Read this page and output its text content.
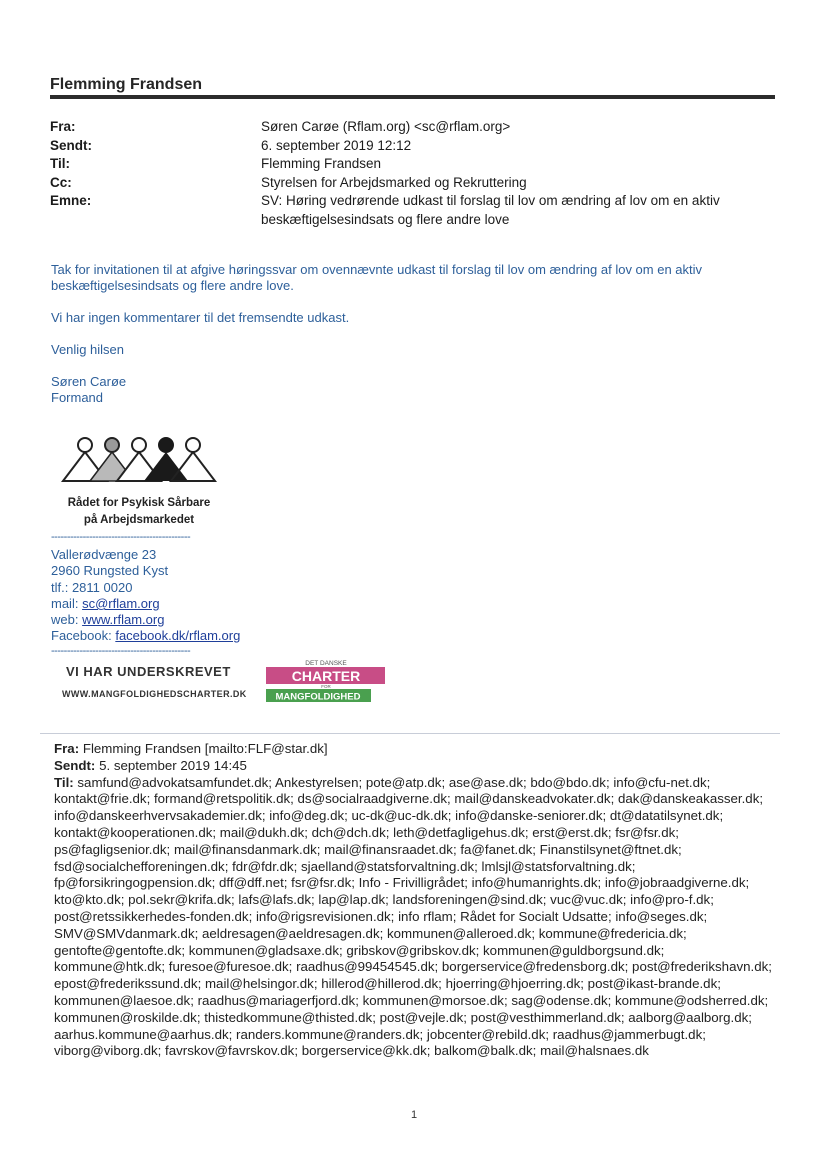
Flemming Frandsen
Fra:	Søren Carøe (Rflam.org) <sc@rflam.org>
Sendt:	6. september 2019 12:12
Til:	Flemming Frandsen
Cc:	Styrelsen for Arbejdsmarked og Rekruttering
Emne:	SV: Høring vedrørende udkast til forslag til lov om ændring af lov om en aktiv beskæftigelsesindsats og flere andre love

Tak for invitationen til at afgive høringssvar om ovennævnte udkast til forslag til lov om ændring af lov om en aktiv beskæftigelsesindsats og flere andre love.

Vi har ingen kommentarer til det fremsendte udkast.

Venlig hilsen

Søren Carøe

Formand

Rådet for Psykisk Sårbare
på Arbejdsmarkedet
--------------------------------------------

Vallerødvænge 23

2960 Rungsted Kyst

tlf.: 2811 0020

mail: sc@rflam.org

web: www.rflam.org

Facebook: facebook.dk/rflam.org

--------------------------------------------
VI HAR UNDERSKREVET
WWW.MANGFOLDIGHEDSCHARTER.DK
DET DANSKE
CHARTER
FOR
MANGFOLDIGHED
Fra: Flemming Frandsen [mailto:FLF@star.dk]
Sendt: 5. september 2019 14:45
Til: samfund@advokatsamfundet.dk; Ankestyrelsen; pote@atp.dk; ase@ase.dk; bdo@bdo.dk; info@cfu-net.dk; kontakt@frie.dk; formand@retspolitik.dk; ds@socialraadgiverne.dk; mail@danskeadvokater.dk; dak@danskeakasser.dk; info@danskeerhvervsakademier.dk; info@deg.dk; uc-dk@uc-dk.dk; info@danske-seniorer.dk; dt@datatilsynet.dk; kontakt@kooperationen.dk; mail@dukh.dk; dch@dch.dk; leth@detfagligehus.dk; erst@erst.dk; fsr@fsr.dk; ps@fagligsenior.dk; mail@finansdanmark.dk; mail@finansraadet.dk; fa@fanet.dk; Finanstilsynet@ftnet.dk; fsd@socialchefforeningen.dk; fdr@fdr.dk; sjaelland@statsforvaltning.dk; lmlsjl@statsforvaltning.dk; fp@forsikringogpension.dk; dff@dff.net; fsr@fsr.dk; Info - Frivilligrådet; info@humanrights.dk; info@jobraadgiverne.dk; kto@kto.dk; pol.sekr@krifa.dk; lafs@lafs.dk; lap@lap.dk; landsforeningen@sind.dk; vuc@vuc.dk; info@pro-f.dk; post@retssikkerhedes-fonden.dk; info@rigsrevisionen.dk; info rflam; Rådet for Socialt Udsatte; info@seges.dk; SMV@SMVdanmark.dk; aeldresagen@aeldresagen.dk; kommunen@alleroed.dk; kommune@fredericia.dk; gentofte@gentofte.dk; kommunen@gladsaxe.dk; gribskov@gribskov.dk; kommunen@guldborgsund.dk; kommune@htk.dk; furesoe@furesoe.dk; raadhus@99454545.dk; borgerservice@fredensborg.dk; post@frederikshavn.dk; epost@frederikssund.dk; mail@helsingor.dk; hillerod@hillerod.dk; hjoerring@hjoerring.dk; post@ikast-brande.dk; kommunen@laesoe.dk; raadhus@mariagerfjord.dk; kommunen@morsoe.dk; sag@odense.dk; kommune@odsherred.dk; kommunen@roskilde.dk; thistedkommune@thisted.dk; post@vejle.dk; post@vesthimmerland.dk; aalborg@aalborg.dk; aarhus.kommune@aarhus.dk; randers.kommune@randers.dk; jobcenter@rebild.dk; raadhus@jammerbugt.dk; viborg@viborg.dk; favrskov@favrskov.dk; borgerservice@kk.dk; balkom@balk.dk; mail@halsnaes.dk
1
